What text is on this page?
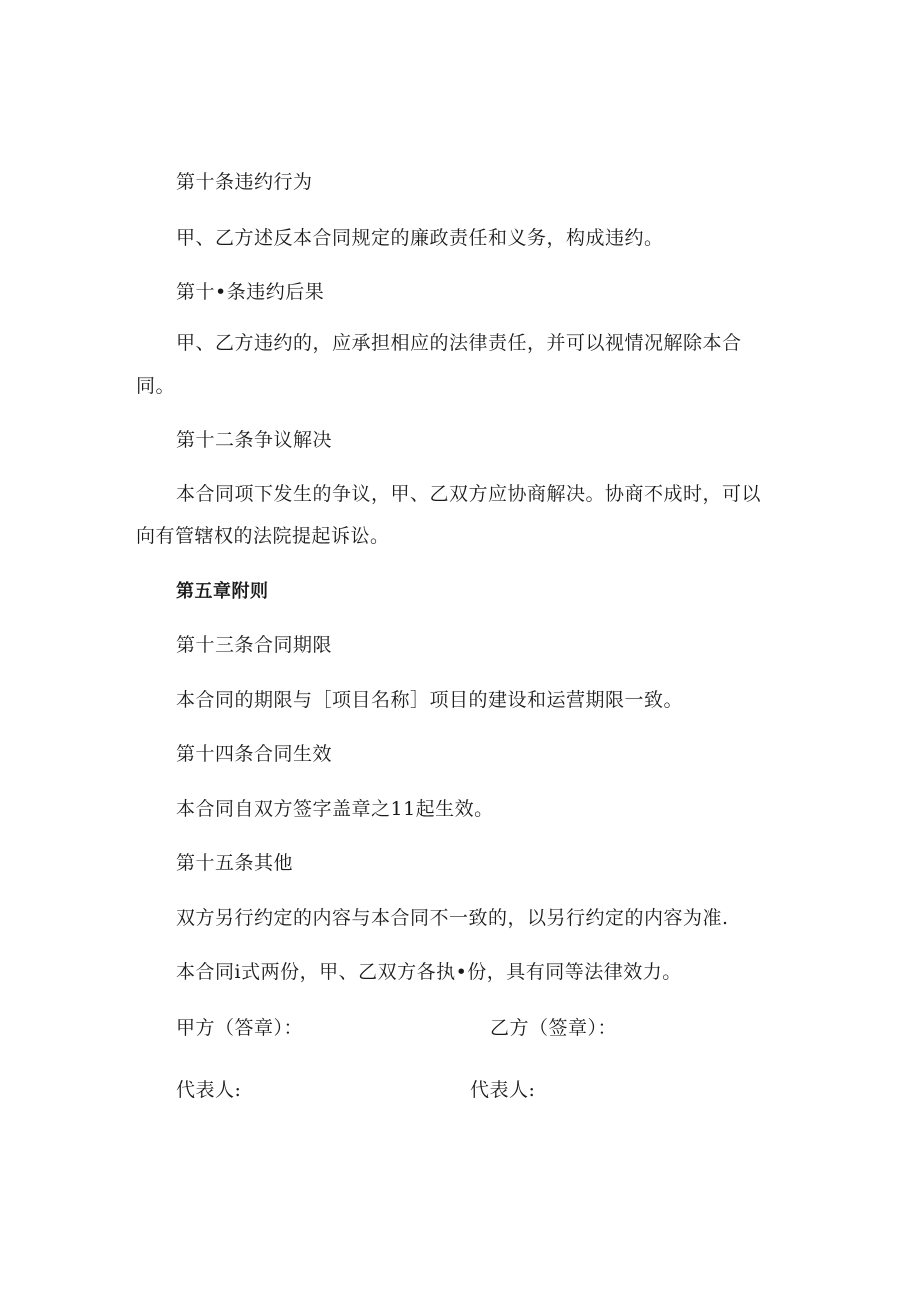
第十条违约行为
甲、乙方述反本合同规定的廉政责任和义务，构成违约。
第十•条违约后果
甲、乙方违约的，应承担相应的法律责任，并可以视情况解除本合
同。
第十二条争议解决
本合同项下发生的争议，甲、乙双方应协商解决。协商不成时，可以
向有管辖权的法院提起诉讼。
第五章附则
第十三条合同期限
本合同的期限与［项目名称］项目的建设和运营期限一致。
第十四条合同生效
本合同自双方签字盖章之11起生效。
第十五条其他
双方另行约定的内容与本合同不一致的，以另行约定的内容为准.
本合同i式两份，甲、乙双方各执•份，具有同等法律效力。
甲方（答章）：	乙方（签章）：
代表人:	代表人:
